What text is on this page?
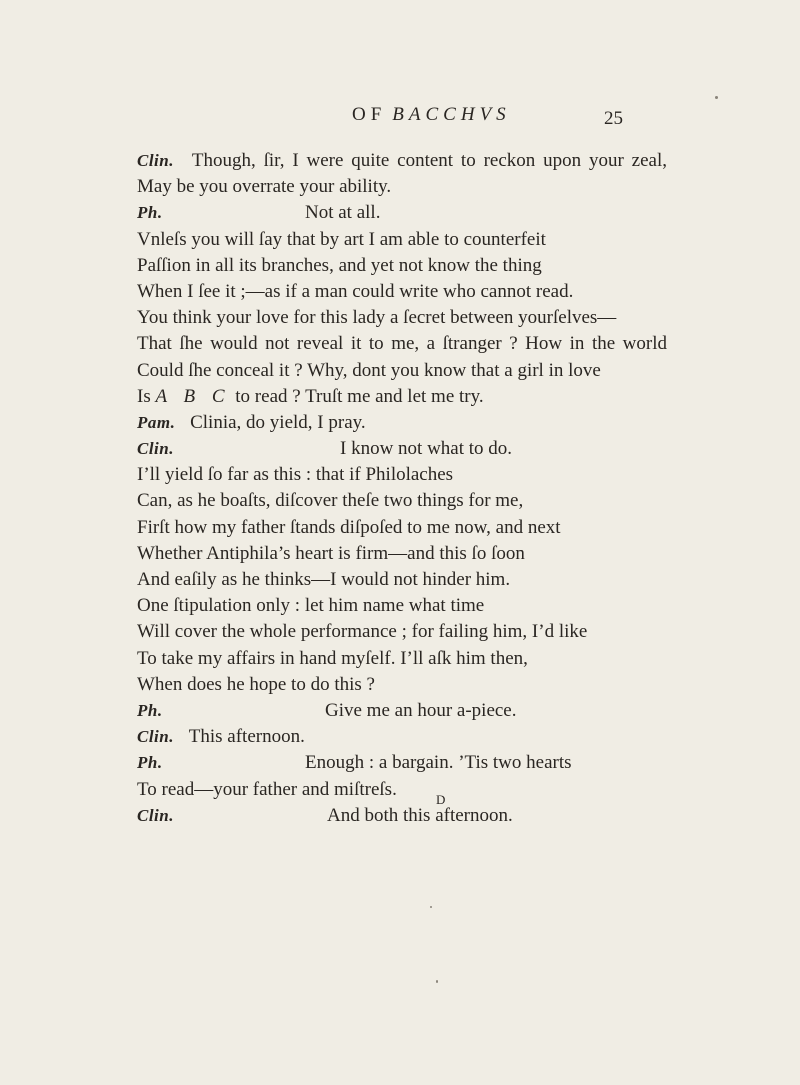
OF BACCHVS	25
Clin. Though, ſir, I were quite content to reckon upon your zeal,
May be you overrate your ability.
Ph.	Not at all.
Vnleſs you will ſay that by art I am able to counterfeit
Paſſion in all its branches, and yet not know the thing
When I ſee it ;—as if a man could write who cannot read.
You think your love for this lady a ſecret between yourſelves—
That ſhe would not reveal it to me, a ſtranger ? How in the world
Could ſhe conceal it ? Why, dont you know that a girl in love
Is A B C to read ? Truſt me and let me try.
Pam. Clinia, do yield, I pray.
Clin.	I know not what to do.
I’ll yield ſo far as this : that if Philolaches
Can, as he boaſts, diſcover theſe two things for me,
Firſt how my father ſtands diſpoſed to me now, and next
Whether Antiphila’s heart is firm—and this ſo ſoon
And eaſily as he thinks—I would not hinder him.
One ſtipulation only : let him name what time
Will cover the whole performance ; for failing him, I’d like
To take my affairs in hand myſelf. I’ll aſk him then,
When does he hope to do this ?
Ph.	Give me an hour a-piece.
Clin. This afternoon.
Ph.	Enough : a bargain. ’Tis two hearts
To read—your father and miſtreſs.
Clin.	And both this afternoon.
D
